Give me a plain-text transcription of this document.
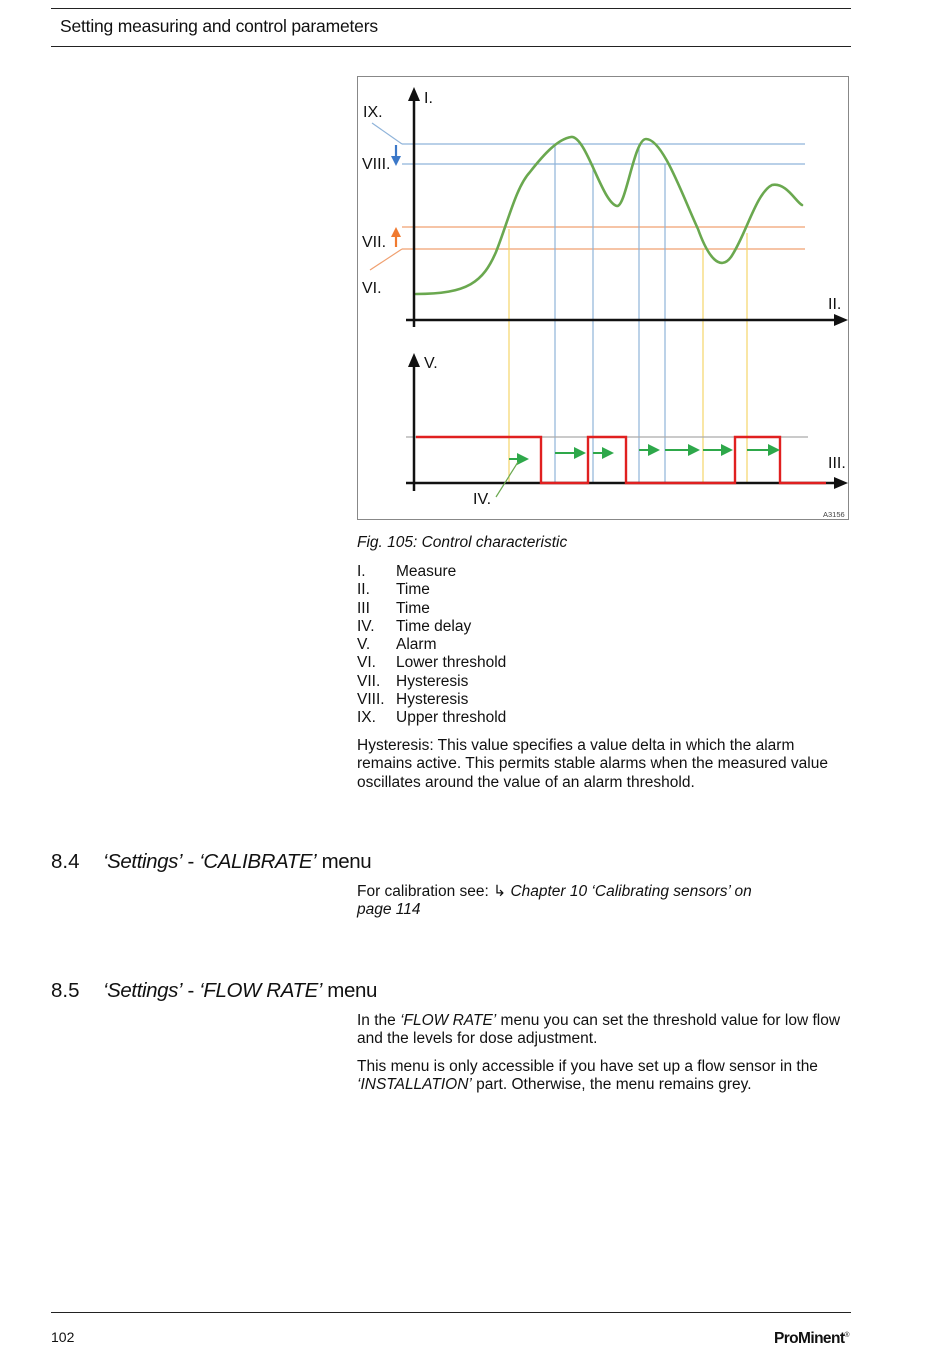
Setting measuring and control parameters
I.
IX.
VIII.
VII.
VI.
II.
V.
III.
IV.
A3156
Fig. 105: Control characteristic
I.	Measure
II.	Time
III	Time
IV.	Time delay
V.	Alarm
VI.	Lower threshold
VII.	Hysteresis
VIII. Hysteresis
IX.	Upper threshold
Hysteresis: This value specifies a value delta in which the alarm remains active. This permits stable alarms when the measured value oscillates around the value of an alarm threshold.
8.4 ‘Settings’ - ‘CALIBRATE’ menu
For calibration see: ↳ Chapter 10 ‘Calibrating sensors’ on page 114
8.5 ‘Settings’ - ‘FLOW RATE’ menu
In the ‘FLOW RATE’ menu you can set the threshold value for low flow and the levels for dose adjustment.
This menu is only accessible if you have set up a flow sensor in the ‘INSTALLATION’ part. Otherwise, the menu remains grey.
102	ProMinent®
